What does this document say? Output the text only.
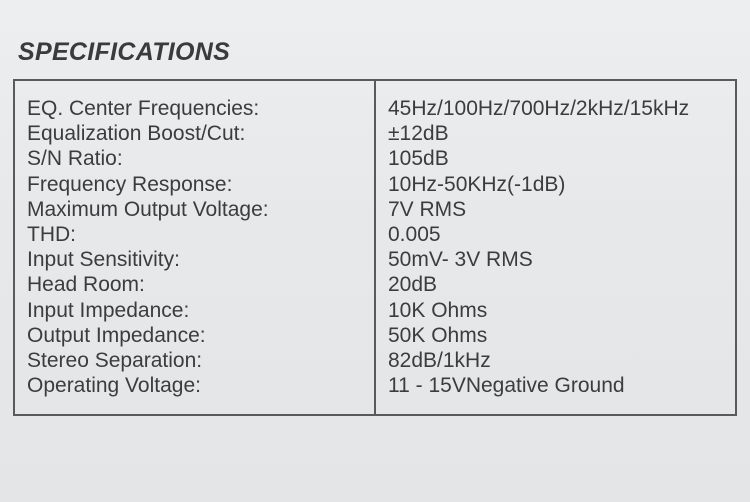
SPECIFICATIONS
EQ. Center Frequencies:	45Hz/100Hz/700Hz/2kHz/15kHz
Equalization Boost/Cut:	±12dB
S/N Ratio:	105dB
Frequency Response:	10Hz-50KHz(-1dB)
Maximum Output Voltage:	7V RMS
THD:	0.005
Input Sensitivity:	50mV- 3V RMS
Head Room:	20dB
Input Impedance:	10K Ohms
Output Impedance:	50K Ohms
Stereo Separation:	82dB/1kHz
Operating Voltage:	11 - 15VNegative Ground
